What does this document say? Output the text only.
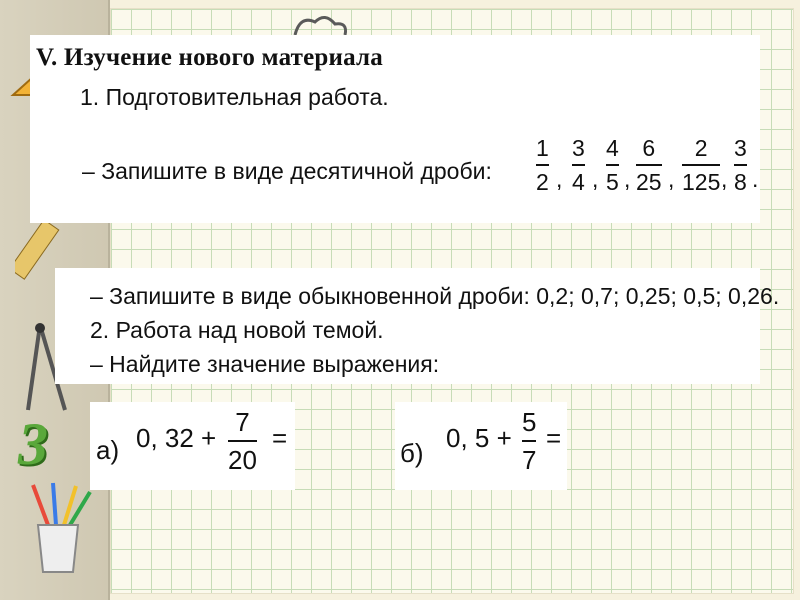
3
V. Изучение нового материала
1. Подготовительная работа.
– Запишите в виде десятичной дроби:
1
2 ,
3
4 ,
4
5 ,
6
25 ,
2
125 ,
3
8 .
– Запишите в виде обыкновенной дроби: 0,2; 0,7; 0,25; 0,5; 0,26.
2. Работа над новой темой.
– Найдите значение выражения:
а) 0, 32 +
7
20
=	б) 0, 5 +
5
7
=
